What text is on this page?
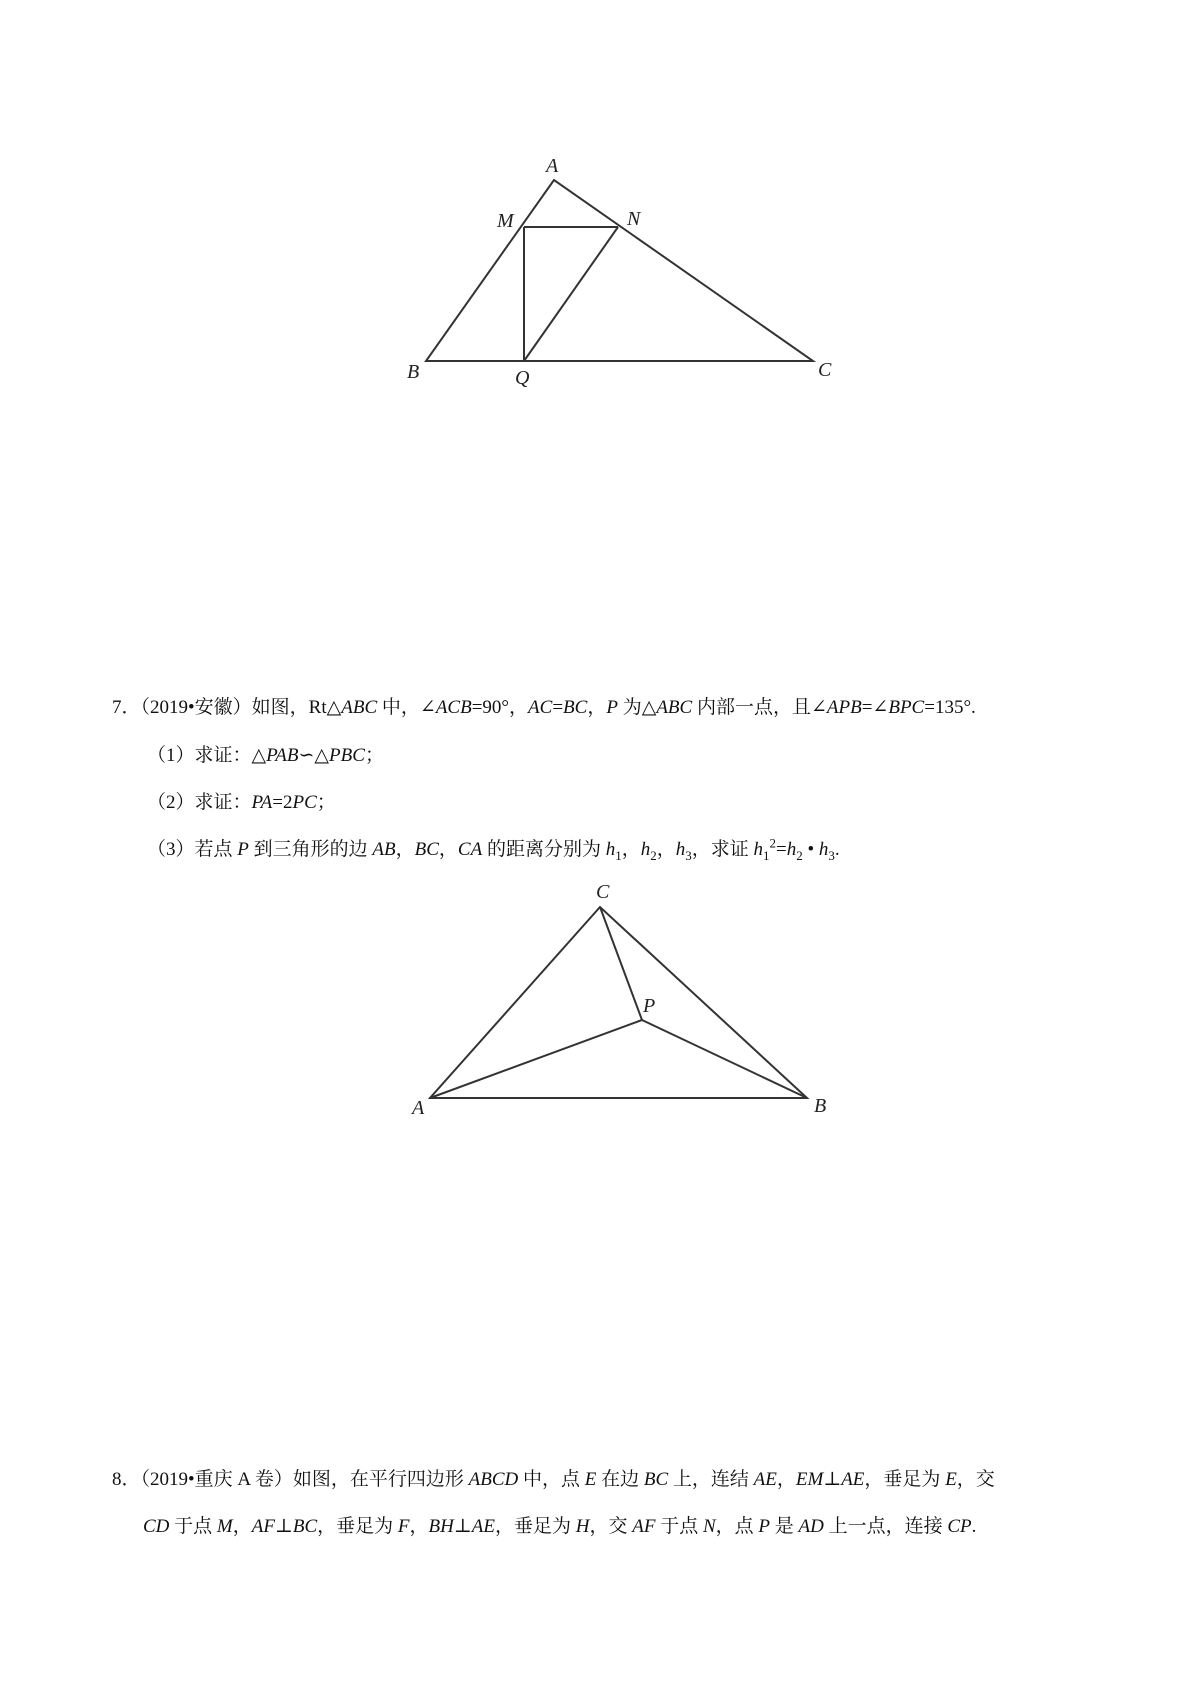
A
M	N
B	Q	C
7．（2019•安徽）如图，Rt△ABC 中，∠ACB=90°，AC=BC，P 为△ABC 内部一点，且∠APB=∠BPC=135°.
（1）求证：△PAB∽△PBC；
（2）求证：PA=2PC；
（3）若点 P 到三角形的边 AB，BC，CA 的距离分别为 $h_1$，$h_2$，$h_3$，求证 $h_1^2=h_2$ • $h_3$.
C
P
A	B
8．（2019•重庆 A 卷）如图，在平行四边形 ABCD 中，点 E 在边 BC 上，连结 AE，EM⊥AE，垂足为 E，交
CD 于点 M，AF⊥BC，垂足为 F，BH⊥AE，垂足为 H，交 AF 于点 N，点 P 是 AD 上一点，连接 CP.
